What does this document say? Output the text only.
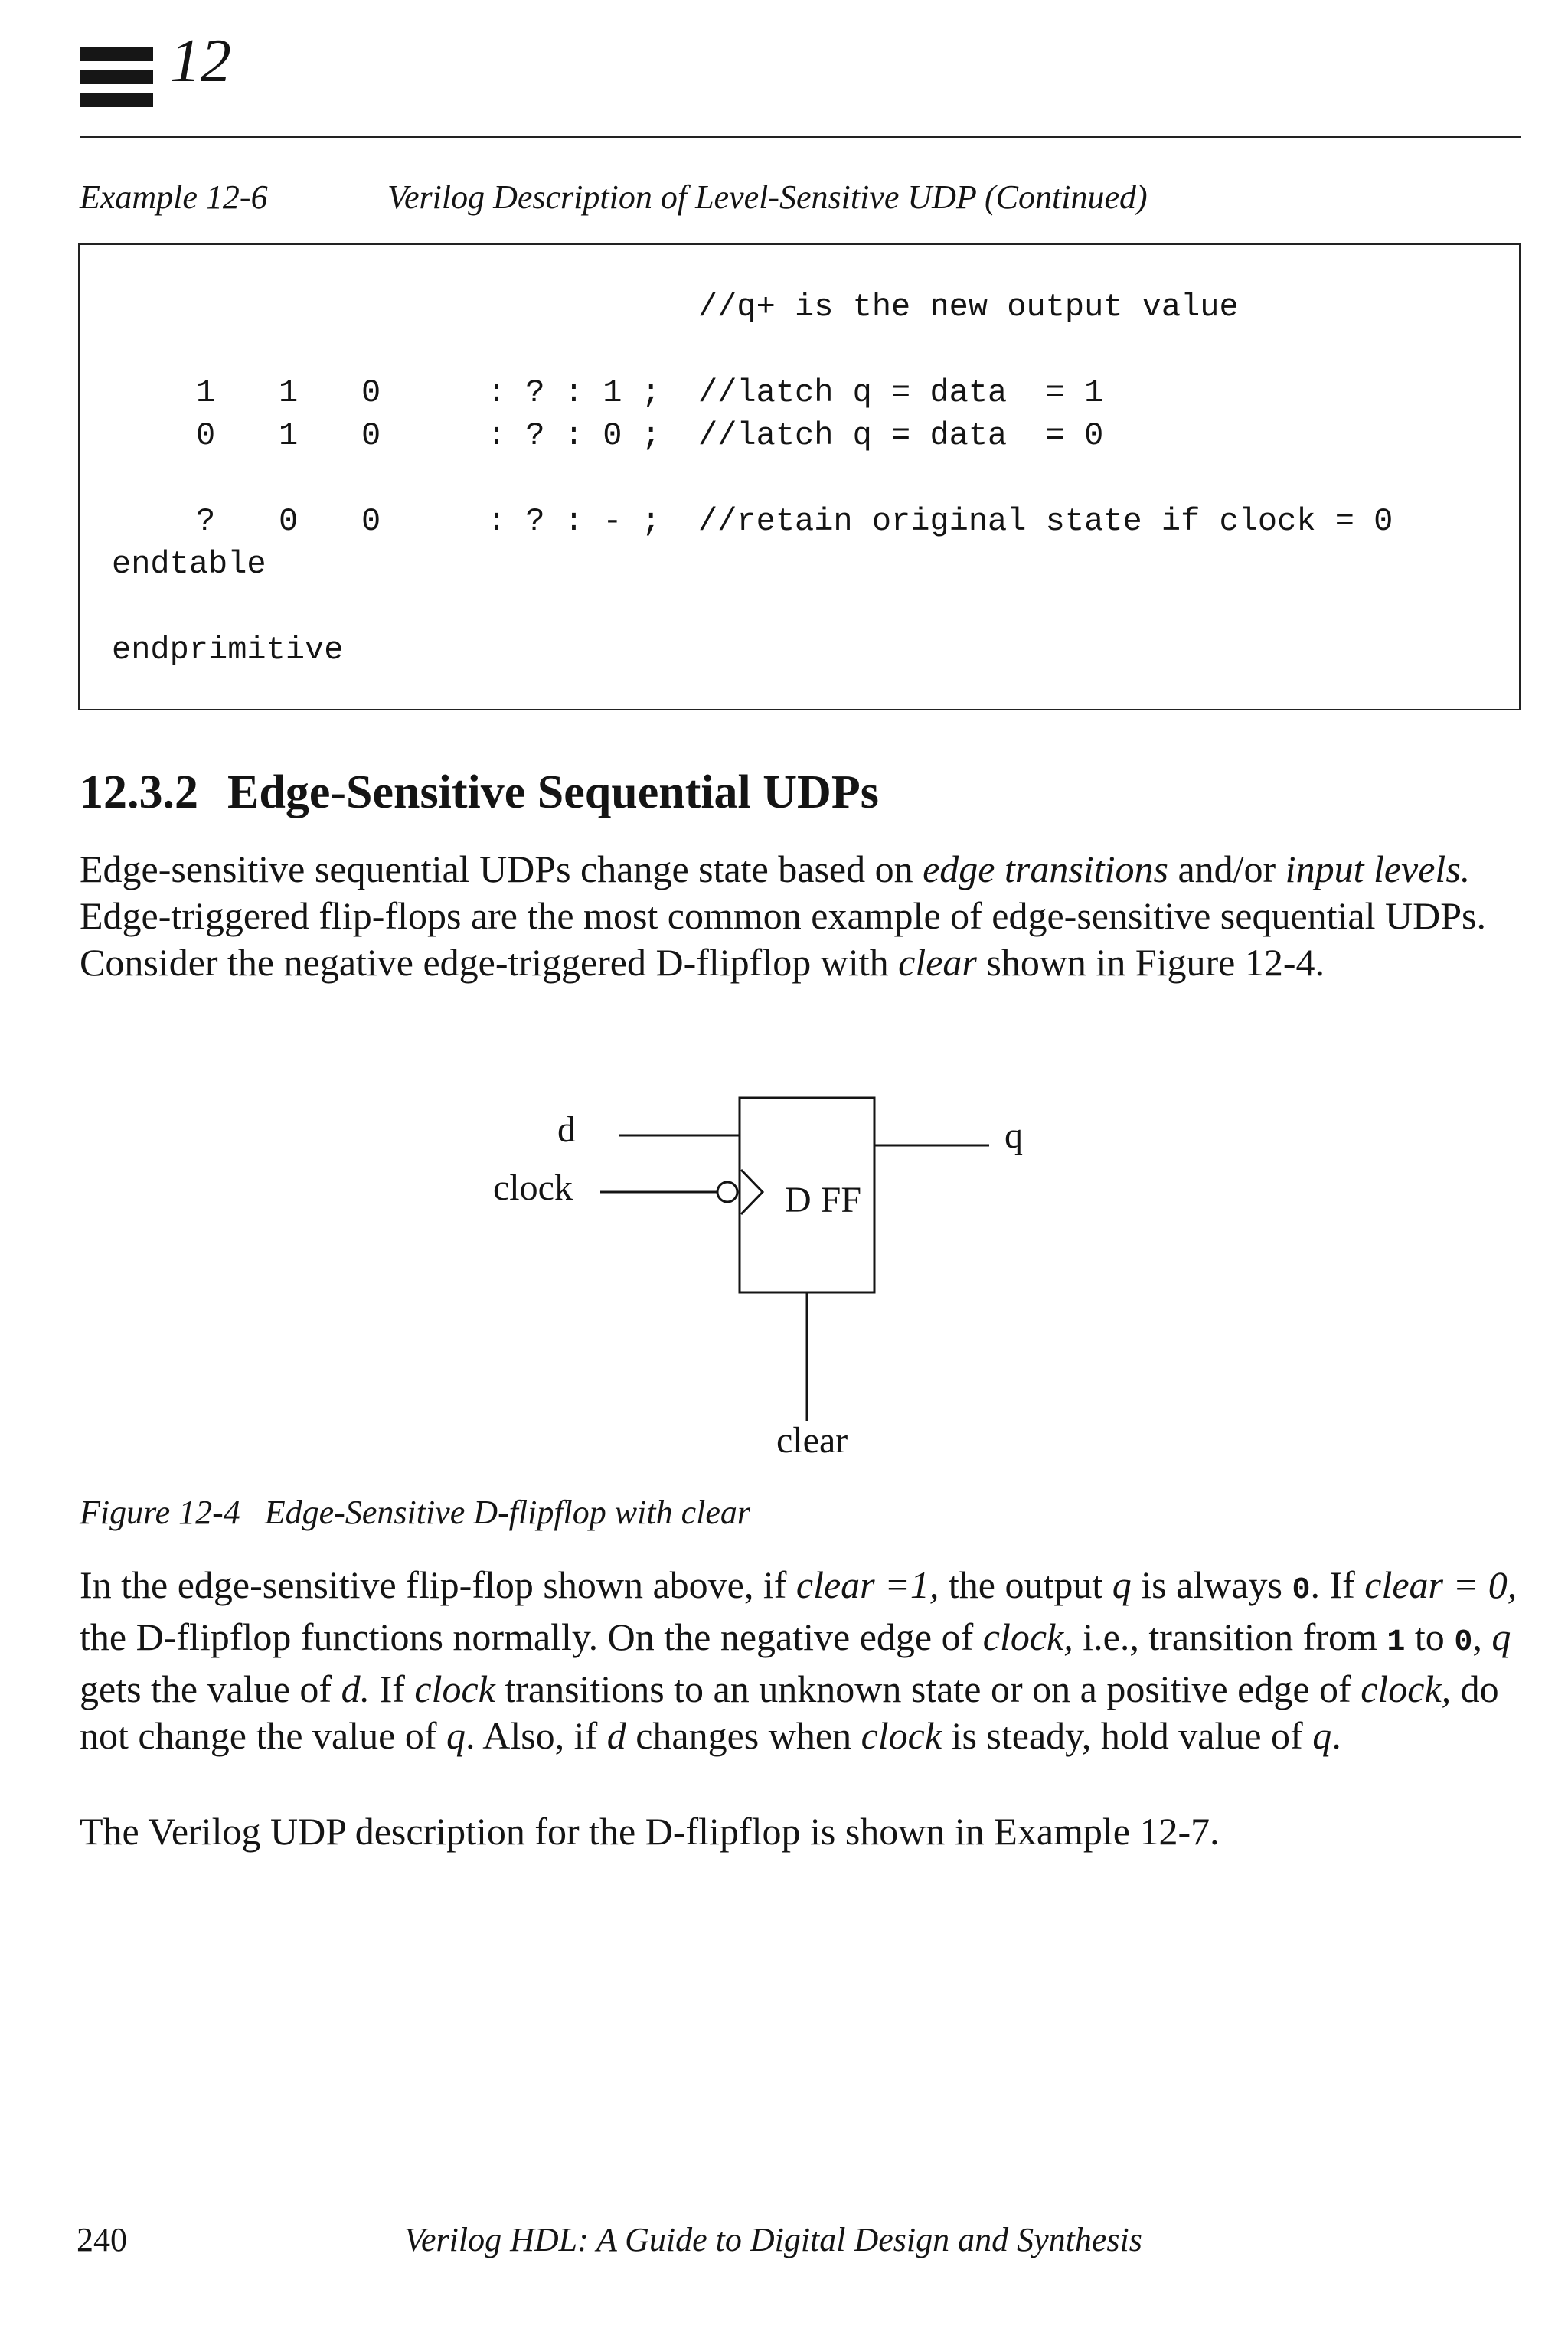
12
Example 12-6	Verilog Description of Level-Sensitive UDP (Continued)
//q+ is the new output value
1 1 0	: ? : 1 ; //latch q = data  = 1
0 1 0	: ? : 0 ; //latch q = data  = 0
? 0 0	: ? : - ; //retain original state if clock = 0
endtable
endprimitive
12.3.2 Edge-Sensitive Sequential UDPs
Edge-sensitive sequential UDPs change state based on edge transitions and/or input levels. Edge-triggered flip-flops are the most common example of edge-sensitive sequential UDPs. Consider the negative edge-triggered D-flipflop with clear shown in Figure 12-4.
d
clock	D FF
q
clear
Figure 12-4 Edge-Sensitive D-flipflop with clear
In the edge-sensitive flip-flop shown above, if clear =1, the output q is always 0. If clear = 0, the D-flipflop functions normally. On the negative edge of clock, i.e., transition from 1 to 0, q gets the value of d. If clock transitions to an unknown state or on a positive edge of clock, do not change the value of q. Also, if d changes when clock is steady, hold value of q.
The Verilog UDP description for the D-flipflop is shown in Example 12-7.
240	Verilog HDL: A Guide to Digital Design and Synthesis
